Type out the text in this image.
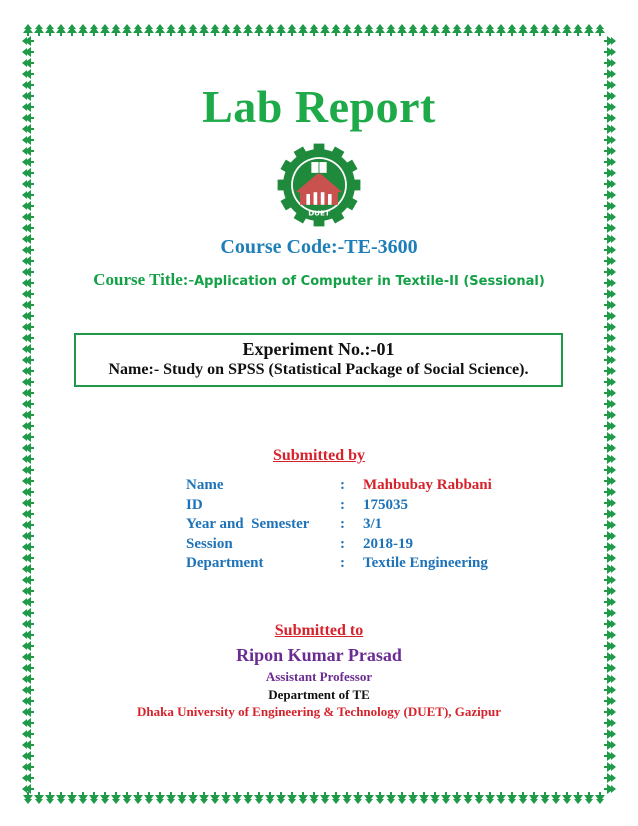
Lab Report
DUET
Course Code:-TE-3600
Course Title:-Application of Computer in Textile-II (Sessional)
Experiment No.:-01
Name:- Study on SPSS (Statistical Package of Social Science).
Submitted by
Name	: Mahbubay Rabbani
ID	: 175035
Year and  Semester : 3/1
Session	: 2018-19
Department	: Textile Engineering
Submitted to
Ripon Kumar Prasad
Assistant Professor
Department of TE
Dhaka University of Engineering & Technology (DUET), Gazipur
